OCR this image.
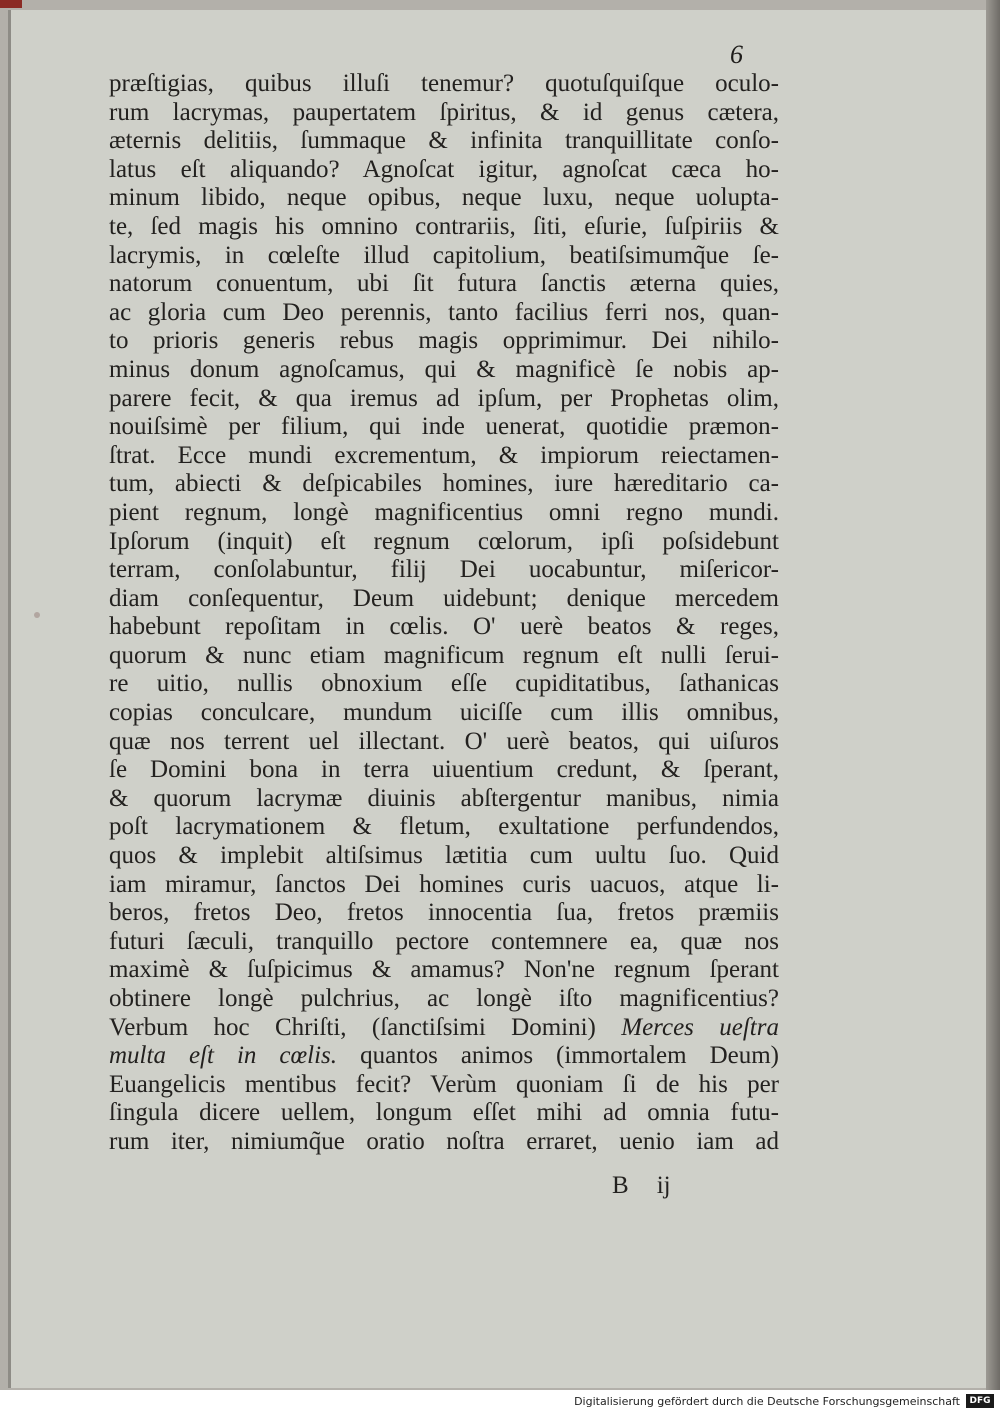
6
præſtigias, quibus illuſi tenemur? quotuſquiſque oculo-
rum lacrymas, paupertatem ſpiritus, & id genus cætera,
æternis delitiis, ſummaque & infinita tranquillitate conſo-
latus eſt aliquando? Agnoſcat igitur, agnoſcat cæca ho-
minum libido, neque opibus, neque luxu, neque uolupta-
te, ſed magis his omnino contrariis, ſiti, eſurie, ſuſpiriis &
lacrymis, in cœleſte illud capitolium, beatiſsimumq̃ue ſe-
natorum conuentum, ubi ſit futura ſanctis æterna quies,
ac gloria cum Deo perennis, tanto facilius ferri nos, quan-
to prioris generis rebus magis opprimimur. Dei nihilo-
minus donum agnoſcamus, qui & magnificè ſe nobis ap-
parere fecit, & qua iremus ad ipſum, per Prophetas olim,
nouiſsimè per filium, qui inde uenerat, quotidie præmon-
ſtrat. Ecce mundi excrementum, & impiorum reiectamen-
tum, abiecti & deſpicabiles homines, iure hæreditario ca-
pient regnum, longè magnificentius omni regno mundi.
Ipſorum (inquit) eſt regnum cœlorum, ipſi poſsidebunt
terram, conſolabuntur, filij Dei uocabuntur, miſericor-
diam conſequentur, Deum uidebunt; denique mercedem
habebunt repoſitam in cœlis. O' uerè beatos & reges,
quorum & nunc etiam magnificum regnum eſt nulli ſerui-
re uitio, nullis obnoxium eſſe cupiditatibus, ſathanicas
copias conculcare, mundum uiciſſe cum illis omnibus,
quæ nos terrent uel illectant. O' uerè beatos, qui uiſuros
ſe Domini bona in terra uiuentium credunt, & ſperant,
& quorum lacrymæ diuinis abſtergentur manibus, nimia
poſt lacrymationem & fletum, exultatione perfundendos,
quos & implebit altiſsimus lætitia cum uultu ſuo. Quid
iam miramur, ſanctos Dei homines curis uacuos, atque li-
beros, fretos Deo, fretos innocentia ſua, fretos præmiis
futuri ſæculi, tranquillo pectore contemnere ea, quæ nos
maximè & ſuſpicimus & amamus? Non'ne regnum ſperant
obtinere longè pulchrius, ac longè iſto magnificentius?
Verbum hoc Chriſti, (ſanctiſsimi Domini) Merces ueſtra
multa eſt in cœlis. quantos animos (immortalem Deum)
Euangelicis mentibus fecit? Verùm quoniam ſi de his per
ſingula dicere uellem, longum eſſet mihi ad omnia futu-
rum iter, nimiumq̃ue oratio noſtra erraret, uenio iam ad
B ij
Digitalisierung gefördert durch die Deutsche Forschungsgemeinschaft	DFG
